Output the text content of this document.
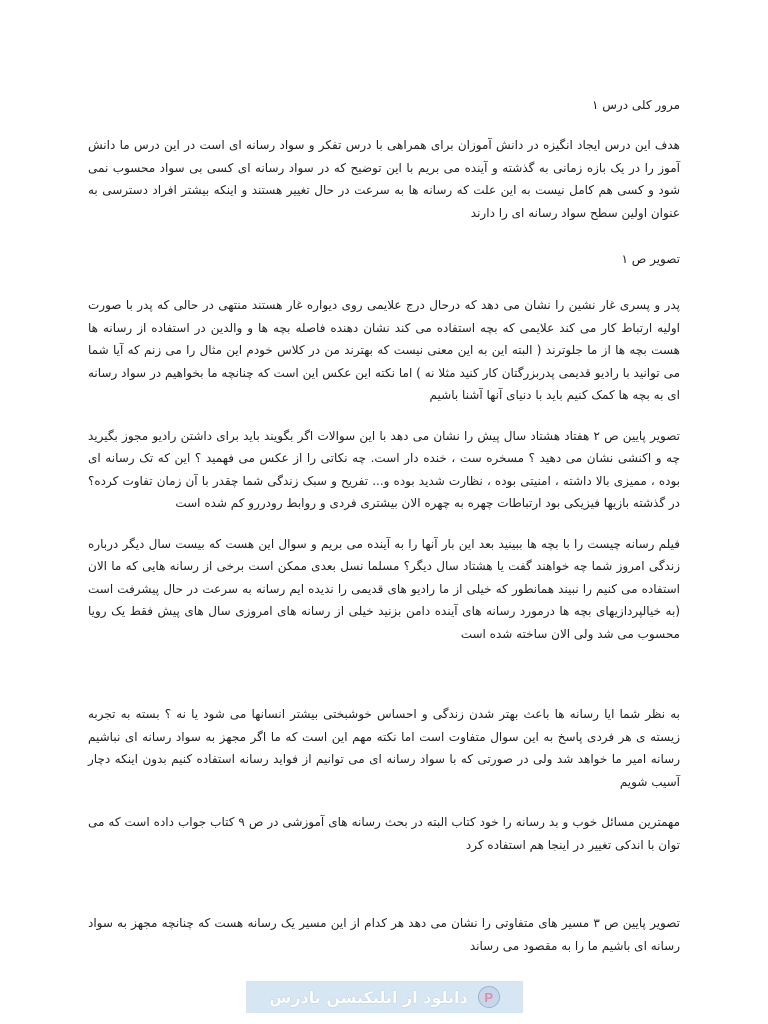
مرور کلی درس ۱

هدف این درس ایجاد انگیزه در دانش آموزان برای همراهی با درس تفکر و سواد رسانه ای است در این درس ما دانش آموز را در یک بازه زمانی به گذشته و آینده می بریم با این توضیح که در سواد رسانه ای کسی بی سواد محسوب نمی شود و کسی هم کامل نیست به این علت که رسانه ها به سرعت در حال تغییر هستند و اینکه بیشتر افراد دسترسی به عنوان اولین سطح سواد رسانه ای را دارند

تصویر ص ۱

پدر و پسری غار نشین را نشان می دهد که درحال درج علایمی روی دیواره غار هستند منتهی در حالی که پدر با صورت اولیه ارتباط کار می کند علایمی که بچه استفاده می کند نشان دهنده فاصله بچه ها و والدین در استفاده از رسانه ها هست بچه ها از ما جلوترند ( البته این به این معنی نیست که بهترند من در کلاس خودم این مثال را می زنم که آیا شما می توانید با رادیو قدیمی پدربزرگتان کار کنید مثلا نه ) اما نکته این عکس این است که چنانچه ما بخواهیم در سواد رسانه ای به بچه ها کمک کنیم باید با دنیای آنها آشنا باشیم

تصویر پایین ص ۲ هفتاد هشتاد سال پیش را نشان می دهد با این سوالات اگر بگویند باید برای داشتن رادیو مجوز بگیرید چه و اکنشی نشان می دهید ؟ مسخره ست ، خنده دار است. چه نکاتی را از عکس می فهمید ؟ این که تک رسانه ای بوده ، ممیزی بالا داشته ، امنیتی بوده ، نظارت شدید بوده و... تفریح و سبک زندگی شما چقدر با آن زمان تفاوت کرده؟ در گذشته بازیها فیزیکی بود ارتباطات چهره به چهره الان بیشتری فردی و روابط رودررو کم شده است

فیلم رسانه چیست را با بچه ها ببینید بعد این بار آنها را به آینده می بریم و سوال این هست که بیست سال دیگر درباره زندگی امروز شما چه خواهند گفت یا هشتاد سال دیگر؟ مسلما نسل بعدی ممکن است برخی از رسانه هایی که ما الان استفاده می کنیم را نبیند همانطور که خیلی از ما رادیو های قدیمی را ندیده ایم رسانه به سرعت در حال پیشرفت است (به خیالپردازیهای بچه ها درمورد رسانه های آینده دامن بزنید خیلی از رسانه های امروزی سال های پیش فقط یک رویا محسوب می شد ولی الان ساخته شده است

به نظر شما ایا رسانه ها باعث بهتر شدن زندگی و احساس خوشبختی بیشتر انسانها می شود یا نه ؟ بسته به تجربه زیسته ی هر فردی پاسخ به این سوال متفاوت است اما نکته مهم این است که ما اگر مجهز به سواد رسانه ای نباشیم رسانه امیر ما خواهد شد ولی در صورتی که با سواد رسانه ای می توانیم از فواید رسانه استفاده کنیم بدون اینکه دچار آسیب شویم

مهمترین مسائل خوب و بد رسانه را خود کتاب البته در بحث رسانه های آموزشی در ص ۹ کتاب جواب داده است که می توان با اندکی تغییر در اینجا هم استفاده کرد

تصویر پایین ص ۳ مسیر های متفاوتی را نشان می دهد هر کدام از این مسیر یک رسانه هست که چنانچه مجهز به سواد رسانه ای باشیم ما را به مقصود می رساند

P
دانلود از اپلیکیشن پادرس
